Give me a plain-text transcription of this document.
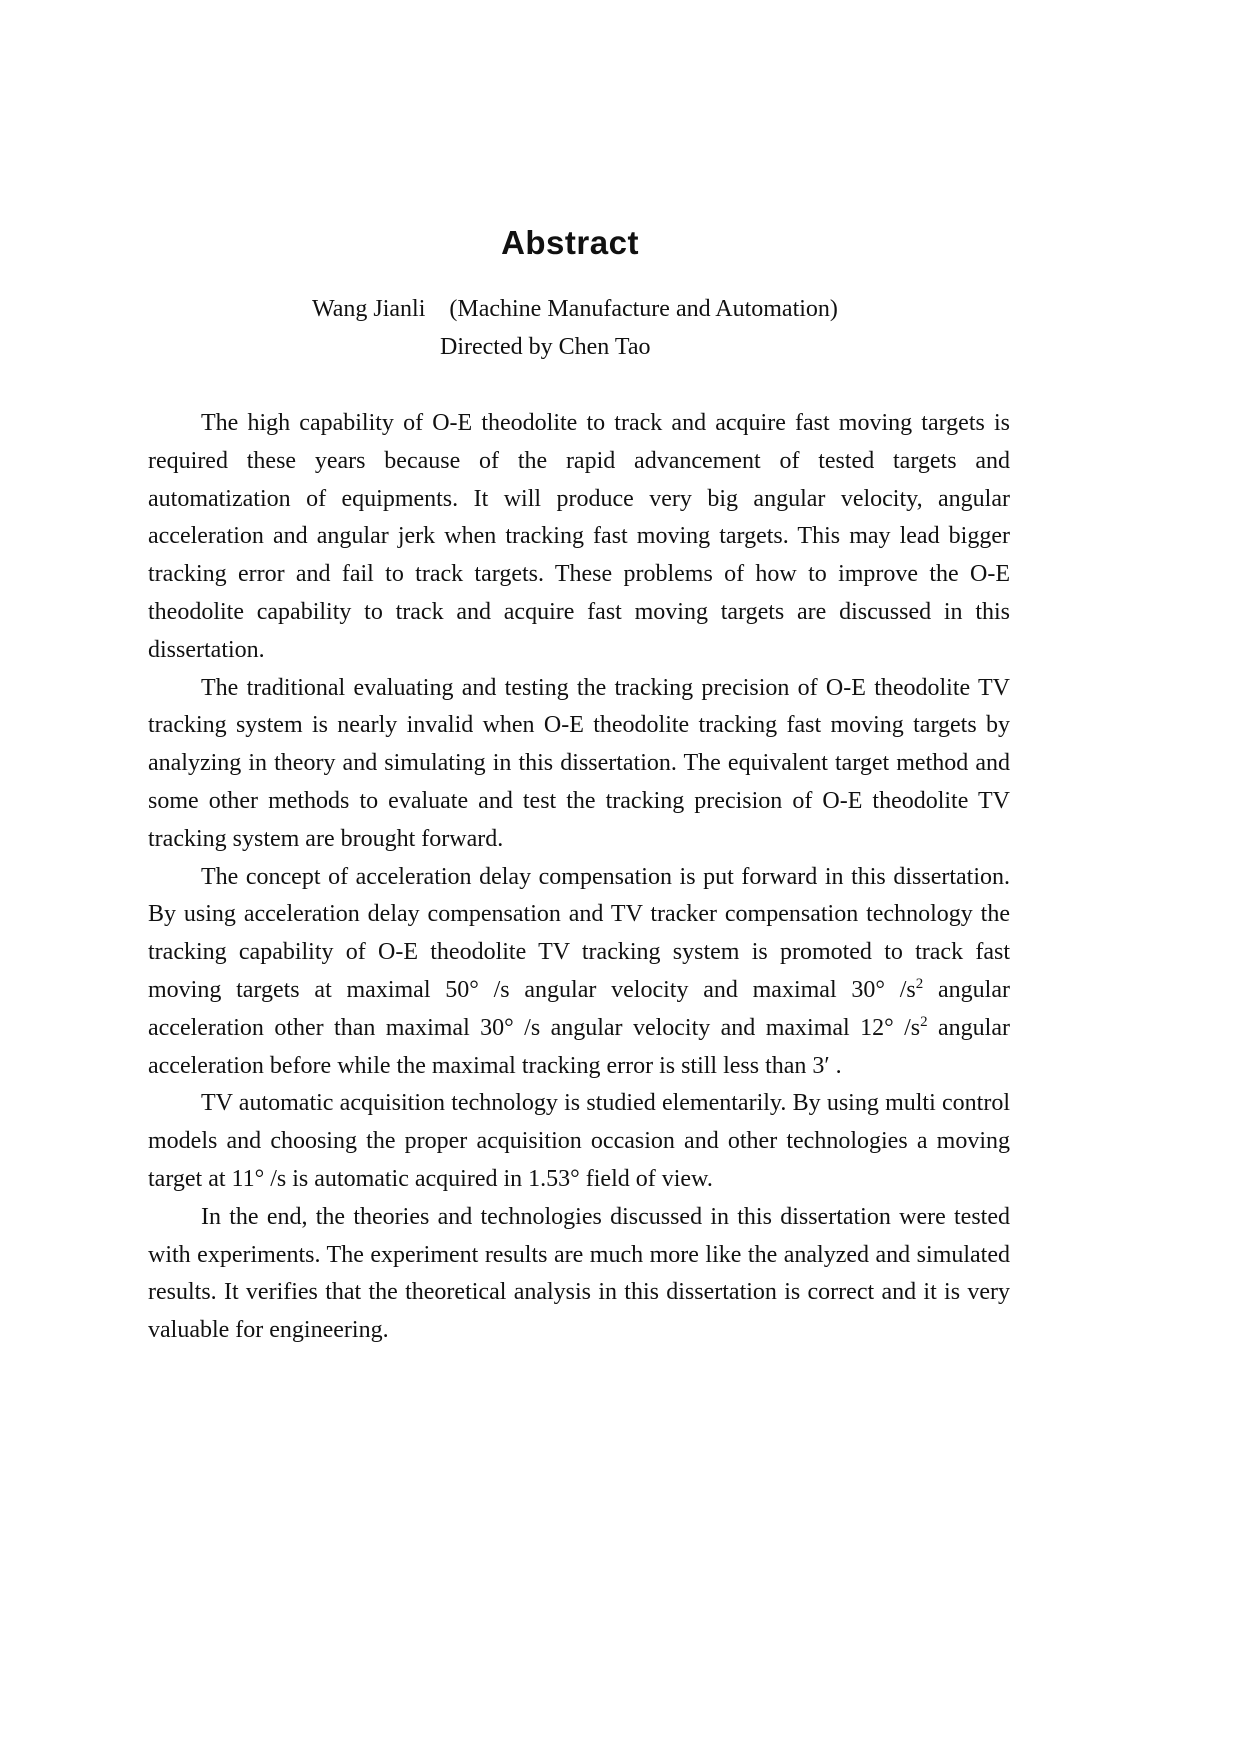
Abstract
Wang Jianli    (Machine Manufacture and Automation)
Directed by Chen Tao

The high capability of O-E theodolite to track and acquire fast moving targets is required these years because of the rapid advancement of tested targets and automatization of equipments. It will produce very big angular velocity, angular acceleration and angular jerk when tracking fast moving targets. This may lead bigger tracking error and fail to track targets. These problems of how to improve the O-E theodolite capability to track and acquire fast moving targets are discussed in this dissertation.

The traditional evaluating and testing the tracking precision of O-E theodolite TV tracking system is nearly invalid when O-E theodolite tracking fast moving targets by analyzing in theory and simulating in this dissertation. The equivalent target method and some other methods to evaluate and test the tracking precision of O-E theodolite TV tracking system are brought forward.

The concept of acceleration delay compensation is put forward in this dissertation. By using acceleration delay compensation and TV tracker compensation technology the tracking capability of O-E theodolite TV tracking system is promoted to track fast moving targets at maximal 50° /s angular velocity and maximal 30° $/s^2$ angular acceleration other than maximal 30° /s angular velocity and maximal 12° $/s^2$ angular acceleration before while the maximal tracking error is still less than 3′ .

TV automatic acquisition technology is studied elementarily. By using multi control models and choosing the proper acquisition occasion and other technologies a moving target at 11° /s is automatic acquired in 1.53° field of view.

In the end, the theories and technologies discussed in this dissertation were tested with experiments. The experiment results are much more like the analyzed and simulated results. It verifies that the theoretical analysis in this dissertation is correct and it is very valuable for engineering.
